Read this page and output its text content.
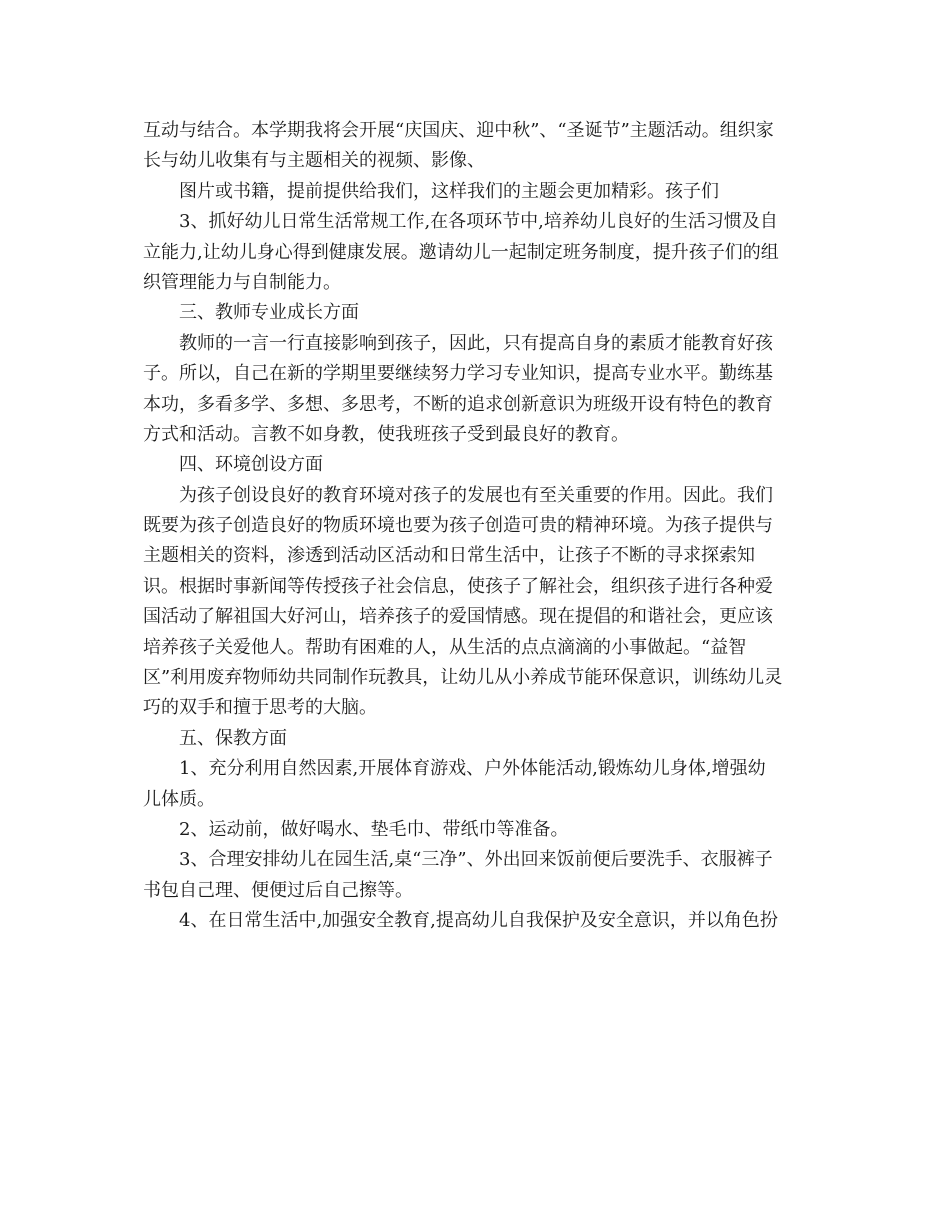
互动与结合。本学期我将会开展“庆国庆、迎中秋”、“圣诞节”主题活动。组织家
长与幼儿收集有与主题相关的视频、影像、
图片或书籍，提前提供给我们，这样我们的主题会更加精彩。孩子们
3、抓好幼儿日常生活常规工作,在各项环节中,培养幼儿良好的生活习惯及自
立能力,让幼儿身心得到健康发展。邀请幼儿一起制定班务制度，提升孩子们的组
织管理能力与自制能力。
三、教师专业成长方面
教师的一言一行直接影响到孩子，因此，只有提高自身的素质才能教育好孩
子。所以，自己在新的学期里要继续努力学习专业知识，提高专业水平。勤练基
本功，多看多学、多想、多思考，不断的追求创新意识为班级开设有特色的教育
方式和活动。言教不如身教，使我班孩子受到最良好的教育。
四、环境创设方面
为孩子创设良好的教育环境对孩子的发展也有至关重要的作用。因此。我们
既要为孩子创造良好的物质环境也要为孩子创造可贵的精神环境。为孩子提供与
主题相关的资料，渗透到活动区活动和日常生活中，让孩子不断的寻求探索知
识。根据时事新闻等传授孩子社会信息，使孩子了解社会，组织孩子进行各种爱
国活动了解祖国大好河山，培养孩子的爱国情感。现在提倡的和谐社会，更应该
培养孩子关爱他人。帮助有困难的人，从生活的点点滴滴的小事做起。“益智
区”利用废弃物师幼共同制作玩教具，让幼儿从小养成节能环保意识，训练幼儿灵
巧的双手和擅于思考的大脑。
五、保教方面
1、充分利用自然因素,开展体育游戏、户外体能活动,锻炼幼儿身体,增强幼
儿体质。
2、运动前，做好喝水、垫毛巾、带纸巾等准备。
3、合理安排幼儿在园生活,桌“三净”、外出回来饭前便后要洗手、衣服裤子
书包自己理、便便过后自己擦等。
4、在日常生活中,加强安全教育,提高幼儿自我保护及安全意识，并以角色扮
